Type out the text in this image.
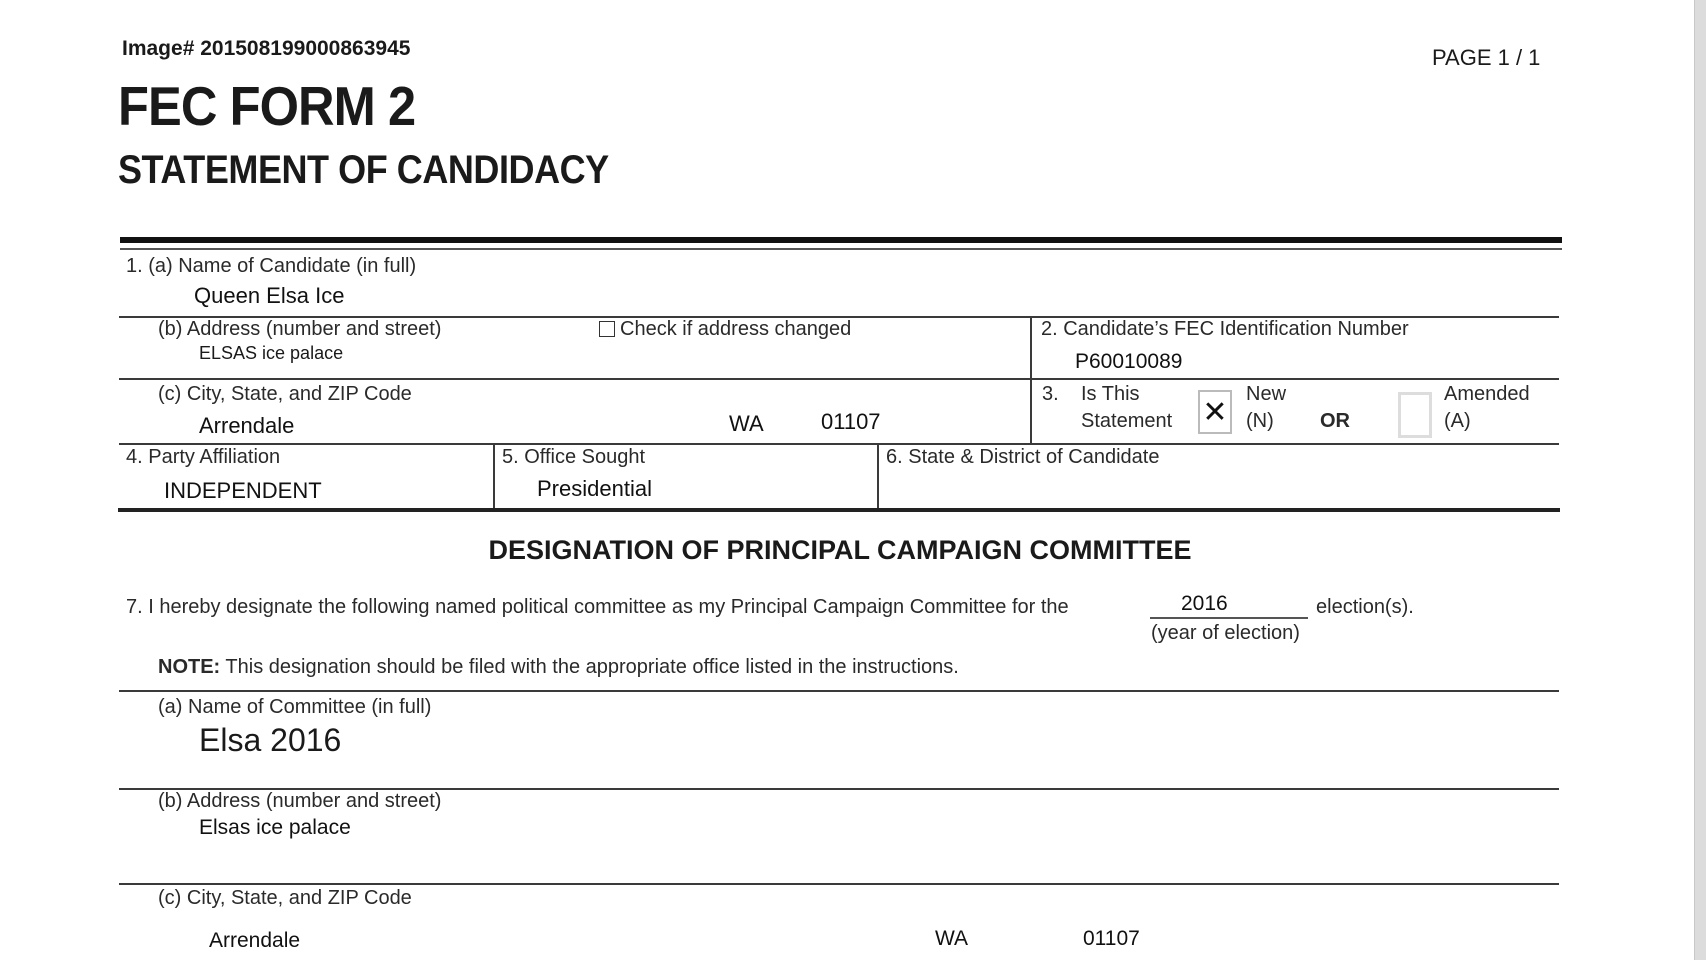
Image# 201508199000863945	PAGE 1 / 1
FEC FORM 2
STATEMENT OF CANDIDACY
1. (a) Name of Candidate (in full)
Queen Elsa Ice
(b) Address (number and street)
ELSAS ice palace
Check if address changed	2. Candidate’s FEC Identification Number
P60010089
(c) City, State, and ZIP Code
Arrendale	WA	01107
3. Is This
Statement ✕
New
(N) OR
Amended
(A)
4. Party Affiliation
INDEPENDENT
5. Office Sought
Presidential
6. State & District of Candidate
DESIGNATION OF PRINCIPAL CAMPAIGN COMMITTEE
7. I hereby designate the following named political committee as my Principal Campaign Committee for the	2016	election(s).
(year of election)
NOTE: This designation should be filed with the appropriate office listed in the instructions.
(a) Name of Committee (in full)
Elsa 2016
(b) Address (number and street)
Elsas ice palace
(c) City, State, and ZIP Code
Arrendale	WA	01107
